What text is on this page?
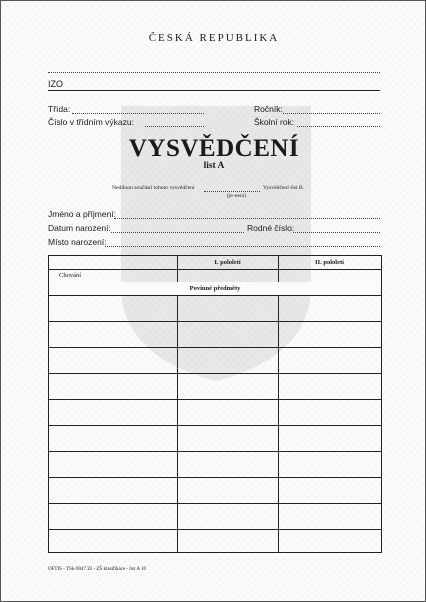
ČESKÁ REPUBLIKA
IZO
Třída:	Ročník:
Číslo v třídním výkazu:	Školní rok:
VYSVĚDČENÍ
list A
Nedílnou součástí tohoto vysvědčení	Vysvědčení-list B.
(je-není)
Jméno a příjmení:
Datum narození:	Rodné číslo:
Místo narození:
I. pololetí	II. pololetí
Chování
Povinné předměty
OFTIS - TSk-9047 Zš - ZŠ klasifikace - list A 10
